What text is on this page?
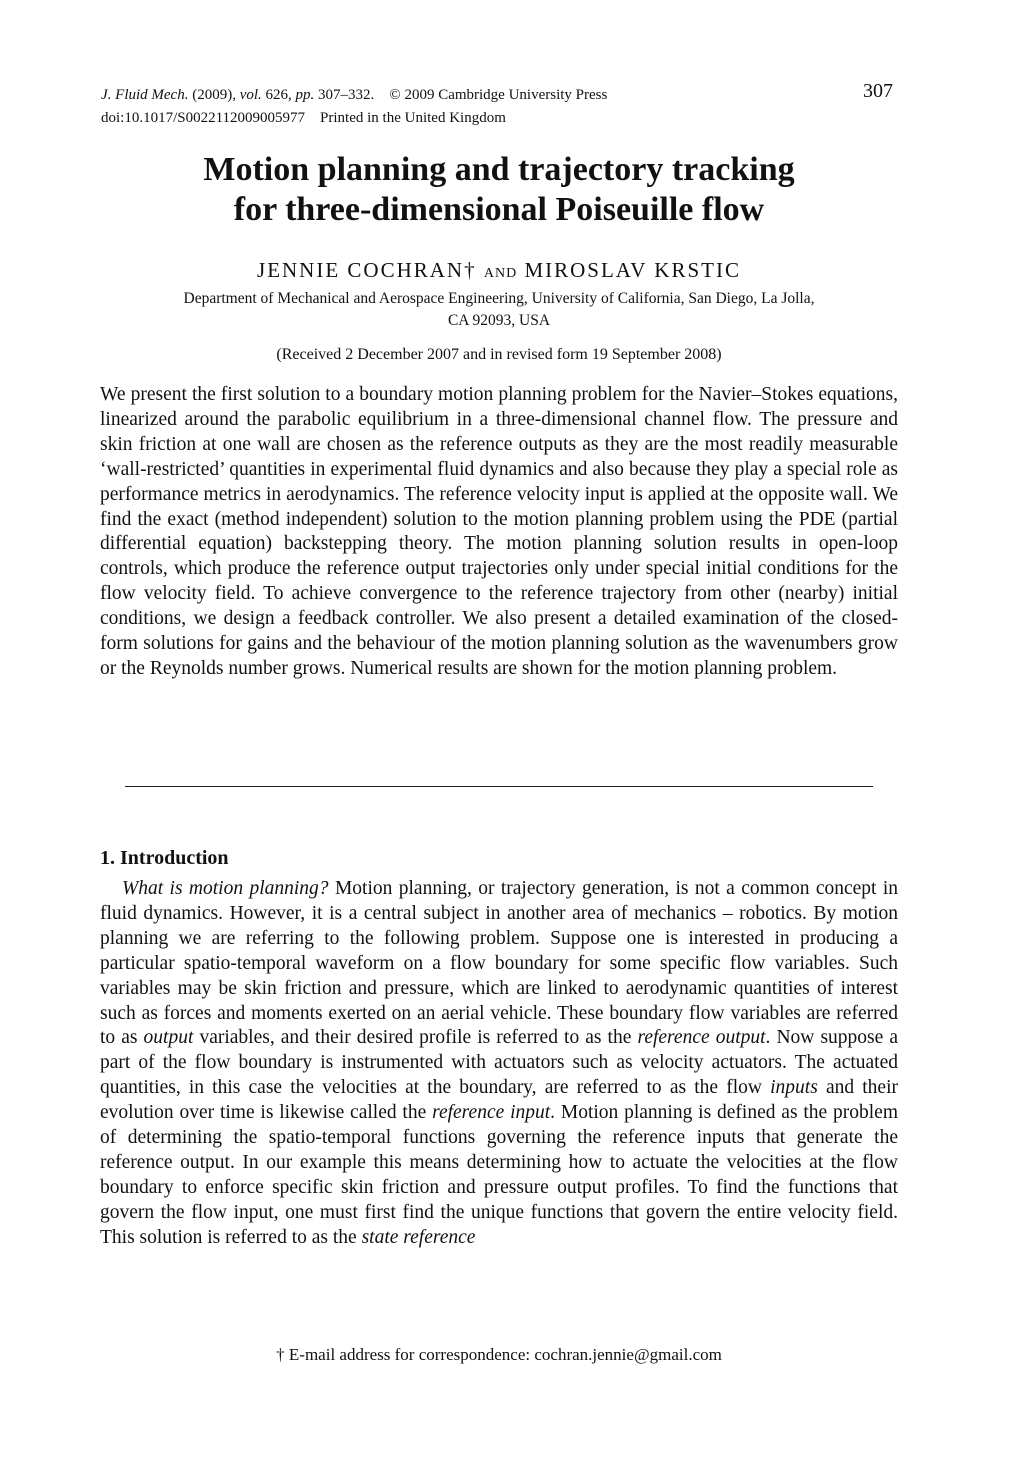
J. Fluid Mech. (2009), vol. 626, pp. 307–332. © 2009 Cambridge University Press
doi:10.1017/S0022112009005977 Printed in the United Kingdom
307
Motion planning and trajectory tracking
for three-dimensional Poiseuille flow
JENNIE COCHRAN† AND MIROSLAV KRSTIC
Department of Mechanical and Aerospace Engineering, University of California, San Diego, La Jolla,
CA 92093, USA
(Received 2 December 2007 and in revised form 19 September 2008)
We present the first solution to a boundary motion planning problem for the Navier–Stokes equations, linearized around the parabolic equilibrium in a three-dimensional channel flow. The pressure and skin friction at one wall are chosen as the reference outputs as they are the most readily measurable ‘wall-restricted’ quantities in experimental fluid dynamics and also because they play a special role as performance metrics in aerodynamics. The reference velocity input is applied at the opposite wall. We find the exact (method independent) solution to the motion planning problem using the PDE (partial differential equation) backstepping theory. The motion planning solution results in open-loop controls, which produce the reference output trajectories only under special initial conditions for the flow velocity field. To achieve convergence to the reference trajectory from other (nearby) initial conditions, we design a feedback controller. We also present a detailed examination of the closed-form solutions for gains and the behaviour of the motion planning solution as the wavenumbers grow or the Reynolds number grows. Numerical results are shown for the motion planning problem.
1. Introduction
What is motion planning? Motion planning, or trajectory generation, is not a common concept in fluid dynamics. However, it is a central subject in another area of mechanics – robotics. By motion planning we are referring to the following problem. Suppose one is interested in producing a particular spatio-temporal waveform on a flow boundary for some specific flow variables. Such variables may be skin friction and pressure, which are linked to aerodynamic quantities of interest such as forces and moments exerted on an aerial vehicle. These boundary flow variables are referred to as output variables, and their desired profile is referred to as the reference output. Now suppose a part of the flow boundary is instrumented with actuators such as velocity actuators. The actuated quantities, in this case the velocities at the boundary, are referred to as the flow inputs and their evolution over time is likewise called the reference input. Motion planning is defined as the problem of determining the spatio-temporal functions governing the reference inputs that generate the reference output. In our example this means determining how to actuate the velocities at the flow boundary to enforce specific skin friction and pressure output profiles. To find the functions that govern the flow input, one must first find the unique functions that govern the entire velocity field. This solution is referred to as the state reference
† E-mail address for correspondence: cochran.jennie@gmail.com
